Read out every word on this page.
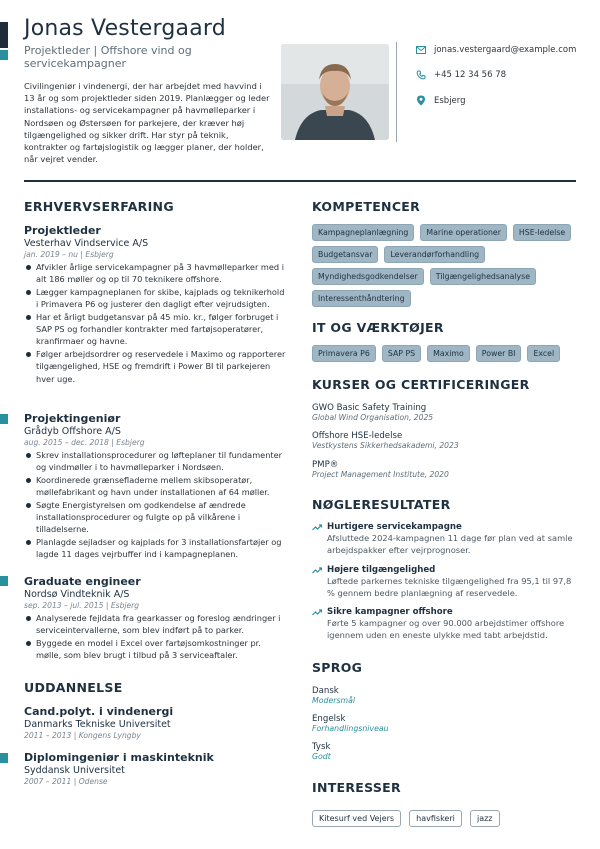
Jonas Vestergaard
Projektleder | Offshore vind og servicekampagner
Civilingeniør i vindenergi, der har arbejdet med havvind i 13 år og som projektleder siden 2019. Planlægger og leder installations- og servicekampagner på havmølleparker i Nordsøen og Østersøen for parkejere, der kræver høj tilgængelighed og sikker drift. Har styr på teknik, kontrakter og fartøjslogistik og lægger planer, der holder, når vejret vender.
jonas.vestergaard@example.com
+45 12 34 56 78
Esbjerg
ERHVERVSERFARING
Projektleder
Vesterhav Vindservice A/S
jan. 2019 – nu | Esbjerg
Afvikler årlige servicekampagner på 3 havmølleparker med i alt 186 møller og op til 70 teknikere offshore.
Lægger kampagneplanen for skibe, kajplads og teknikerhold i Primavera P6 og justerer den dagligt efter vejrudsigten.
Har et årligt budgetansvar på 45 mio. kr., følger forbruget i SAP PS og forhandler kontrakter med fartøjsoperatører, kranfirmaer og havne.
Følger arbejdsordrer og reservedele i Maximo og rapporterer tilgængelighed, HSE og fremdrift i Power BI til parkejeren hver uge.
Projektingeniør
Grådyb Offshore A/S
aug. 2015 – dec. 2018 | Esbjerg
Skrev installationsprocedurer og løfteplaner til fundamenter og vindmøller i to havmølleparker i Nordsøen.
Koordinerede grænsefladerne mellem skibsoperatør, møllefabrikant og havn under installationen af 64 møller.
Søgte Energistyrelsen om godkendelse af ændrede installationsprocedurer og fulgte op på vilkårene i tilladelserne.
Planlagde sejladser og kajplads for 3 installationsfartøjer og lagde 11 dages vejrbuffer ind i kampagneplanen.
Graduate engineer
Nordsø Vindteknik A/S
sep. 2013 – jul. 2015 | Esbjerg
Analyserede fejldata fra gearkasser og foreslog ændringer i serviceintervallerne, som blev indført på to parker.
Byggede en model i Excel over fartøjsomkostninger pr. mølle, som blev brugt i tilbud på 3 serviceaftaler.
UDDANNELSE
Cand.polyt. i vindenergi
Danmarks Tekniske Universitet
2011 – 2013 | Kongens Lyngby
Diplomingeniør i maskinteknik
Syddansk Universitet
2007 – 2011 | Odense
KOMPETENCER
Kampagneplanlægning	Marine operationer	HSE-ledelse
Budgetansvar	Leverandørforhandling
Myndighedsgodkendelser	Tilgængelighedsanalyse
Interessenthåndtering
IT OG VÆRKTØJER
Primavera P6	SAP PS	Maximo	Power BI	Excel
KURSER OG CERTIFICERINGER
GWO Basic Safety Training
Global Wind Organisation, 2025
Offshore HSE-ledelse
Vestkystens Sikkerhedsakademi, 2023
PMP®
Project Management Institute, 2020
NØGLERESULTATER
Hurtigere servicekampagne
Afsluttede 2024-kampagnen 11 dage før plan ved at samle arbejdspakker efter vejrprognoser.
Højere tilgængelighed
Løftede parkernes tekniske tilgængelighed fra 95,1 til 97,8 % gennem bedre planlægning af reservedele.
Sikre kampagner offshore
Førte 5 kampagner og over 90.000 arbejdstimer offshore igennem uden en eneste ulykke med tabt arbejdstid.
SPROG
Dansk
Modersmål
Engelsk
Forhandlingsniveau
Tysk
Godt
INTERESSER
Kitesurf ved Vejers	havfiskeri	jazz
